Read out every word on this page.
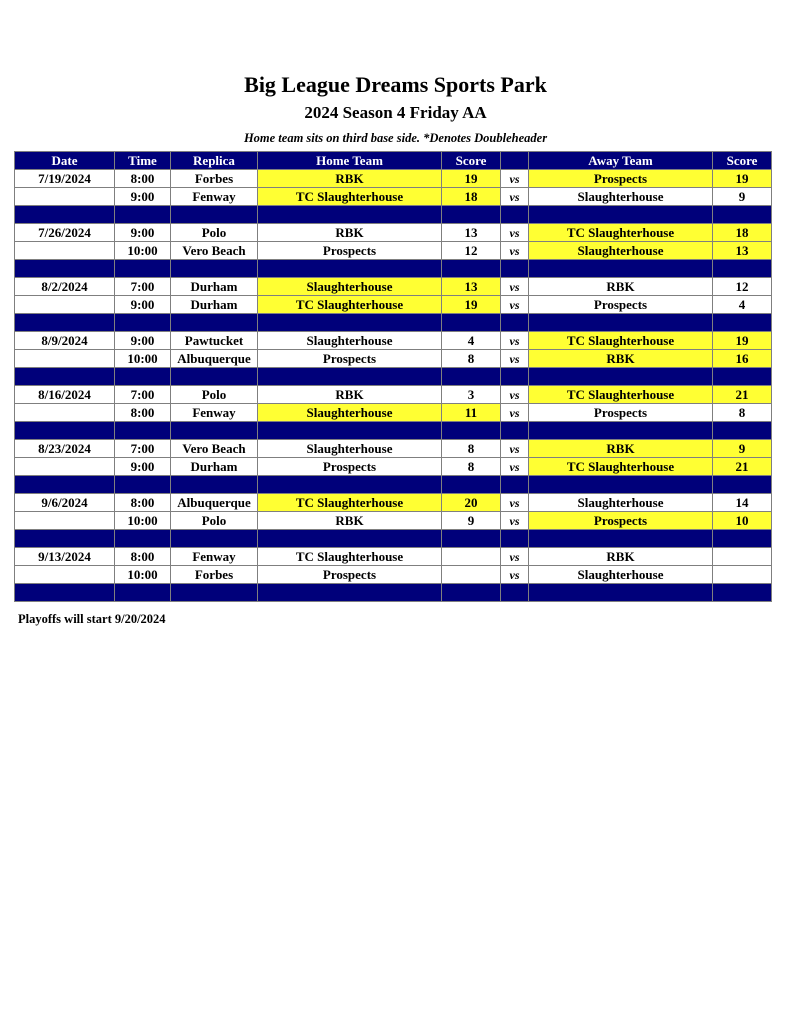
Big League Dreams Sports Park
2024 Season 4 Friday AA
Home team sits on third base side. *Denotes Doubleheader
Date	Time	Replica	Home Team	Score		Away Team	Score
7/19/2024	8:00	Forbes	RBK	19	vs	Prospects	19
	9:00	Fenway	TC Slaughterhouse	18	vs	Slaughterhouse	9

7/26/2024	9:00	Polo	RBK	13	vs	TC Slaughterhouse	18
	10:00	Vero Beach	Prospects	12	vs	Slaughterhouse	13

8/2/2024	7:00	Durham	Slaughterhouse	13	vs	RBK	12
	9:00	Durham	TC Slaughterhouse	19	vs	Prospects	4

8/9/2024	9:00	Pawtucket	Slaughterhouse	4	vs	TC Slaughterhouse	19
	10:00	Albuquerque	Prospects	8	vs	RBK	16

8/16/2024	7:00	Polo	RBK	3	vs	TC Slaughterhouse	21
	8:00	Fenway	Slaughterhouse	11	vs	Prospects	8

8/23/2024	7:00	Vero Beach	Slaughterhouse	8	vs	RBK	9
	9:00	Durham	Prospects	8	vs	TC Slaughterhouse	21

9/6/2024	8:00	Albuquerque	TC Slaughterhouse	20	vs	Slaughterhouse	14
	10:00	Polo	RBK	9	vs	Prospects	10

9/13/2024	8:00	Fenway	TC Slaughterhouse		vs	RBK	
	10:00	Forbes	Prospects		vs	Slaughterhouse	

Playoffs will start 9/20/2024
